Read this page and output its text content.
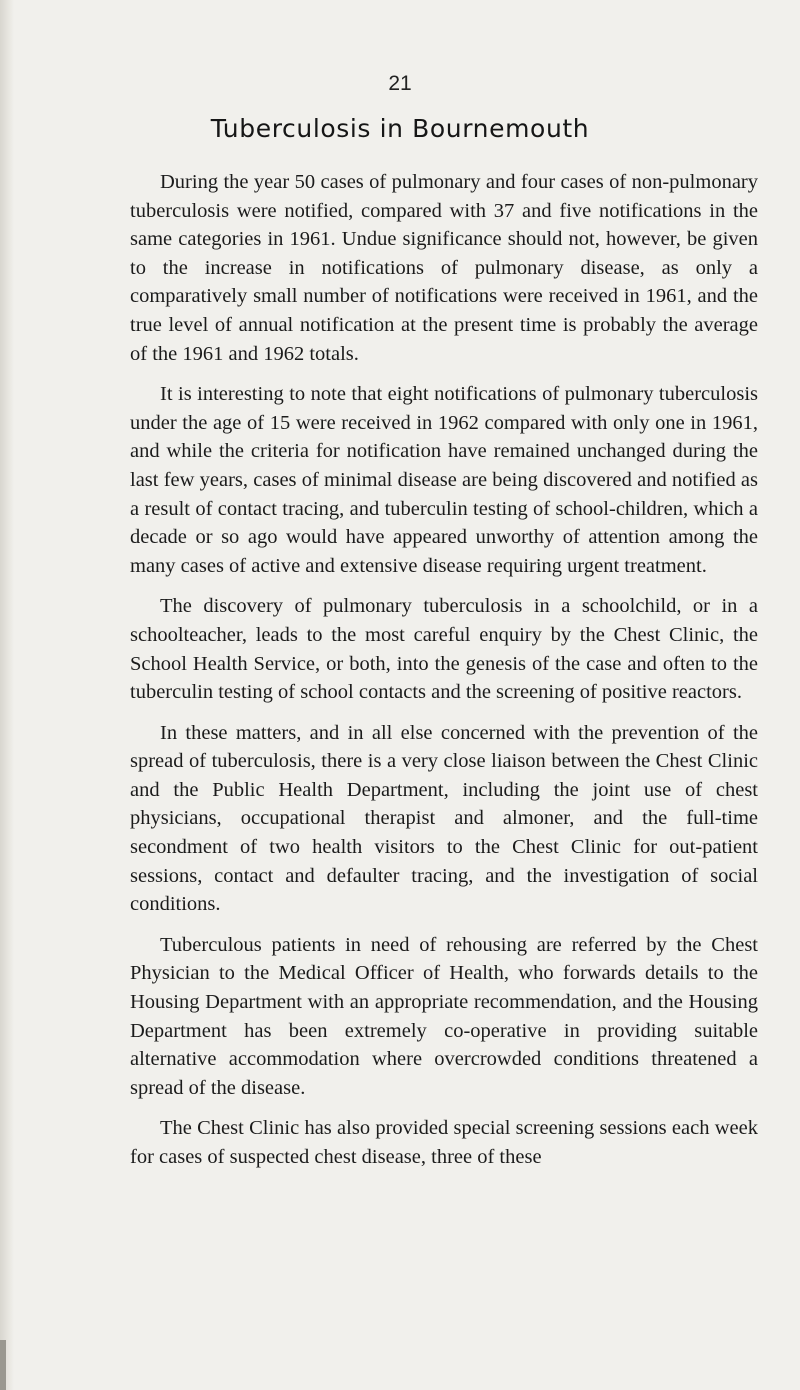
21
Tuberculosis in Bournemouth

During the year 50 cases of pulmonary and four cases of non-pulmonary tuberculosis were notified, compared with 37 and five notifications in the same categories in 1961. Undue significance should not, however, be given to the increase in notifications of pulmonary disease, as only a comparatively small number of notifications were received in 1961, and the true level of annual notification at the present time is probably the average of the 1961 and 1962 totals.

It is interesting to note that eight notifications of pulmonary tuberculosis under the age of 15 were received in 1962 compared with only one in 1961, and while the criteria for notification have remained unchanged during the last few years, cases of minimal disease are being discovered and notified as a result of contact tracing, and tuberculin testing of school-children, which a decade or so ago would have appeared unworthy of attention among the many cases of active and extensive disease requiring urgent treatment.

The discovery of pulmonary tuberculosis in a schoolchild, or in a schoolteacher, leads to the most careful enquiry by the Chest Clinic, the School Health Service, or both, into the genesis of the case and often to the tuberculin testing of school contacts and the screening of positive reactors.

In these matters, and in all else concerned with the prevention of the spread of tuberculosis, there is a very close liaison between the Chest Clinic and the Public Health Department, including the joint use of chest physicians, occupational therapist and almoner, and the full-time secondment of two health visitors to the Chest Clinic for out-patient sessions, contact and defaulter tracing, and the investigation of social conditions.

Tuberculous patients in need of rehousing are referred by the Chest Physician to the Medical Officer of Health, who forwards details to the Housing Department with an appropriate recommendation, and the Housing Department has been extremely co-operative in providing suitable alternative accommodation where overcrowded conditions threatened a spread of the disease.

The Chest Clinic has also provided special screening sessions each week for cases of suspected chest disease, three of these
